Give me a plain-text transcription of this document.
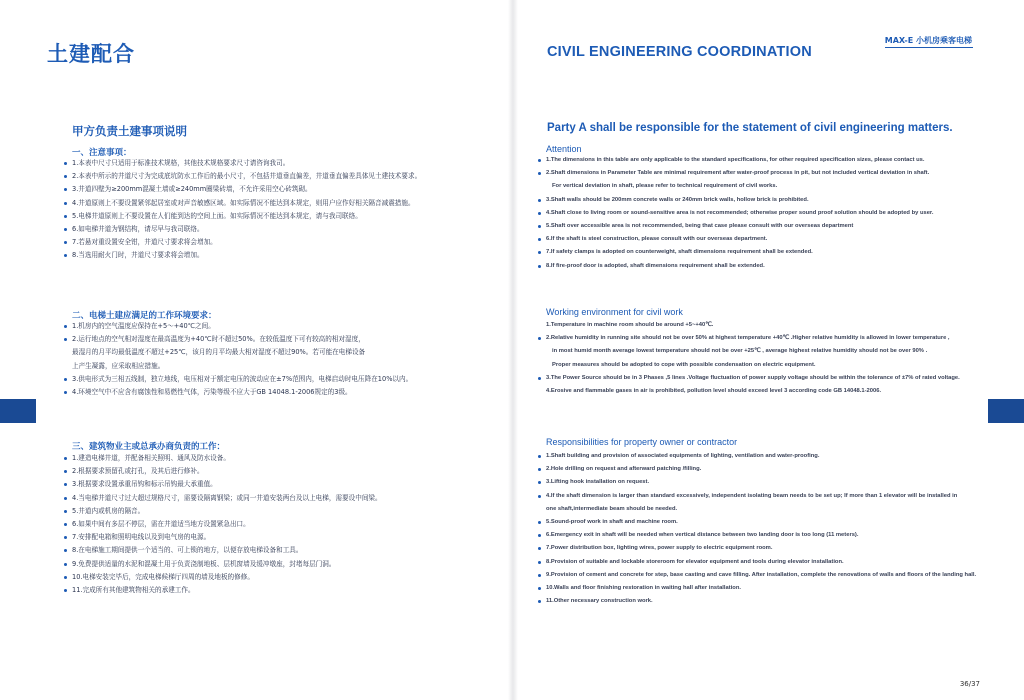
土建配合	CIVIL ENGINEERING COORDINATION
MAX-E 小机房乘客电梯
36/37
甲方负责土建事项说明
一、注意事项：
1.本表中尺寸只适用于标准技术规格，其他技术规格要求尺寸请咨询我司。
2.本表中所示的井道尺寸为完成底坑防水工作后的最小尺寸，不包括井道垂直偏差，井道垂直偏差具体见土建技术要求。
3.井道四壁为≥200mm混凝土墙或≥240mm圈梁砖墙，不允许采用空心砖筑砌。
4.井道原则上不要设置紧邻起居室或对声音敏感区域。如实际情况不能达到本规定，则用户应作好相关隔音减震措施。
5.电梯井道原则上不要设置在人们能到达的空间上面。如实际情况不能达到本规定，请与我司联络。
6.如电梯井道为钢结构，请尽早与我司联络。
7.若悬对重设置安全钳，井道尺寸要求将会增加。
8.当选用耐火门时，井道尺寸要求将会增加。
二、电梯土建应满足的工作环境要求：
1.机房内的空气温度应保持在+5～+40℃之间。
2.运行地点的空气相对湿度在最高温度为+40℃时不超过50%。在较低温度下可有较高的相对湿度，
最湿月的月平均最低温度不超过+25℃，该月的月平均最大相对湿度不超过90%。若可能在电梯设备
上产生凝露，应采取相应措施。
3.供电形式为三相五线制，独立地线，电压相对于额定电压的波动应在±7%范围内，电梯启动时电压降在10%以内。
4.环境空气中不应含有腐蚀性和易燃性气体，污染等级不应大于GB 14048.1-2006规定的3级。
三、建筑物业主或总承办商负责的工作：
1.建造电梯井道，并配备相关照明、通风及防水设备。
2.根据要求预留孔或打孔，及其后进行修补。
3.根据要求设置承重吊钩和标示吊钩最大承重值。
4.当电梯井道尺寸过大超过规格尺寸，需要设隔离钢梁；或同一井道安装两台及以上电梯，需要设中间梁。
5.井道内或机房的隔音。
6.如果中间有多层不停层，需在井道适当地方设置紧急出口。
7.安排配电箱和照明电线以及到电气房的电源。
8.在电梯施工期间提供一个适当的、可上锁的地方，以便存放电梯设备和工具。
9.免费提供适量的水泥和混凝土用于负责浇制地板、层机窗墙及缓冲墩座，封堵每层门洞。
10.电梯安装完毕后，完成电梯候梯厅四周的墙及地板的修修。
11.完成所有其他建筑物相关的承建工作。
Party A shall be responsible for the statement of civil engineering matters.
Attention
1.The dimensions in this table are only applicable to the standard specifications, for other required specification sizes, please contact us.
2.Shaft dimensions in Parameter Table are minimal requirement after water-proof process in pit, but not included vertical deviation in shaft.
For vertical deviation in shaft, please refer to technical requirement of civil works.
3.Shaft walls should be 200mm concrete walls or 240mm brick walls, hollow brick is prohibited.
4.Shaft close to living room or sound-sensitive area is not recommended; otherwise proper sound proof solution should be adopted by user.
5.Shaft over accessible area is not recommended, being that case please consult with our overseas department
6.If the shaft is steel construction, please consult with our overseas department.
7.If safety clamps is adopted on counterweight, shaft dimensions requirement shall be extended.
8.If fire-proof door is adopted, shaft dimensions requirement shall be extended.
Working environment for civil work
1.Temperature in machine room should be around +5~+40℃.
2.Relative humidity in running site should not be over 50% at highest temperature +40℃ .Higher relative humidity is allowed in lower temperature ,
in most humid month average lowest temperature should not be over +25℃ , average highest relative humidity should not be over 90% .
Proper measures should be adopted to cope with possible condensation on electric equipment.
3.The Power Source should be in 3 Phases ,5 lines .Voltage fluctuation of power supply voltage should be within the tolerance of ±7% of rated voltage.
4.Erosive and flammable gases in air is prohibited, pollution level should exceed level 3 according code GB 14048.1-2006.
Responsibilities for property owner or contractor
1.Shaft building and provision of associated equipments of lighting, ventilation and water-proofing.
2.Hole drilling on request and afterward patching /filling.
3.Lifting hook installation on request.
4.If the shaft dimension is larger than standard excessively, independent isolating beam needs to be set up; If more than 1 elevator will be installed in
one shaft,intermediate beam should be needed.
5.Sound-proof work in shaft and machine room.
6.Emergency exit in shaft will be needed when vertical distance between two landing door is too long (11 meters).
7.Power distribution box, lighting wires, power supply to electric equipment room.
8.Provision of suitable and lockable storeroom for elevator equipment and tools during elevator installation.
9.Provision of cement and concrete for step, base casting and cave filling. After installation, complete the renovations of walls and floors of the landing hall.
10.Walls and floor finishing restoration in waiting hall after installation.
11.Other necessary construction work.
